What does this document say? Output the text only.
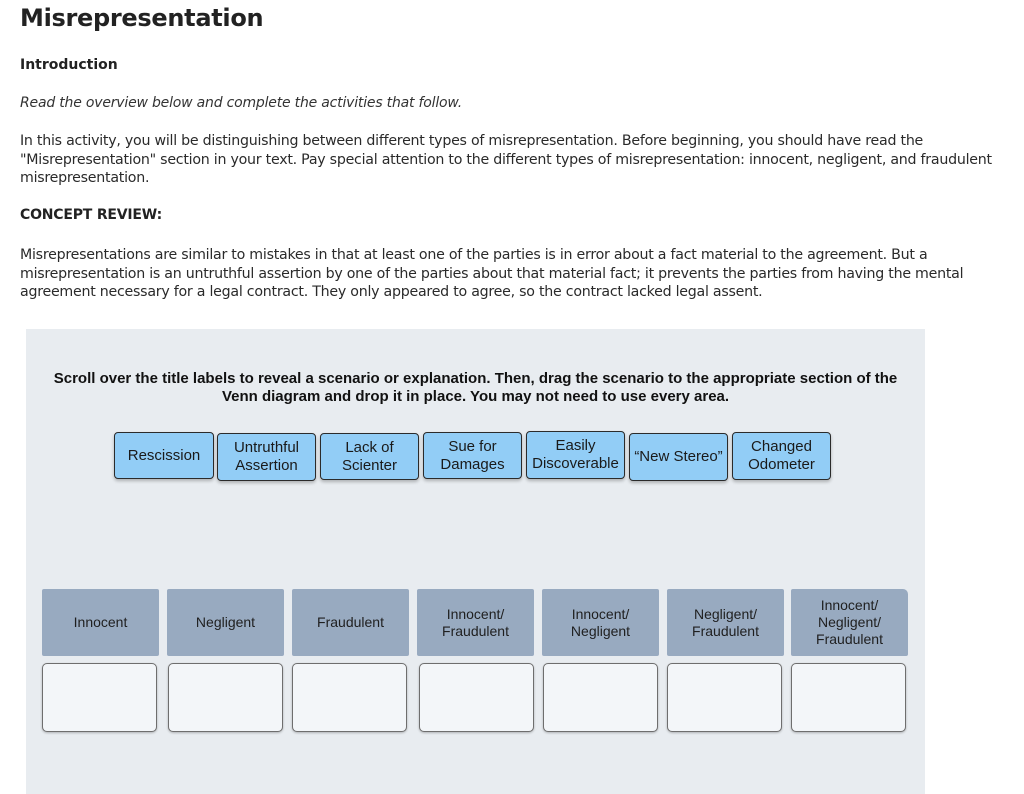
Misrepresentation
Introduction

Read the overview below and complete the activities that follow.

In this activity, you will be distinguishing between different types of misrepresentation. Before beginning, you should have read the "Misrepresentation" section in your text. Pay special attention to the different types of misrepresentation: innocent, negligent, and fraudulent misrepresentation.

CONCEPT REVIEW:

Misrepresentations are similar to mistakes in that at least one of the parties is in error about a fact material to the agreement. But a misrepresentation is an untruthful assertion by one of the parties about that material fact; it prevents the parties from having the mental agreement necessary for a legal contract. They only appeared to agree, so the contract lacked legal assent.

Scroll over the title labels to reveal a scenario or explanation. Then, drag the scenario to the appropriate section of the Venn diagram and drop it in place. You may not need to use every area.

Rescission	Untruthful Assertion
Lack of Scienter
Sue for Damages
Easily Discoverable	“New Stereo”
Changed Odometer
Innocent	Negligent	Fraudulent
Innocent/ Fraudulent
Innocent/ Negligent
Negligent/ Fraudulent
Innocent/ Negligent/ Fraudulent
